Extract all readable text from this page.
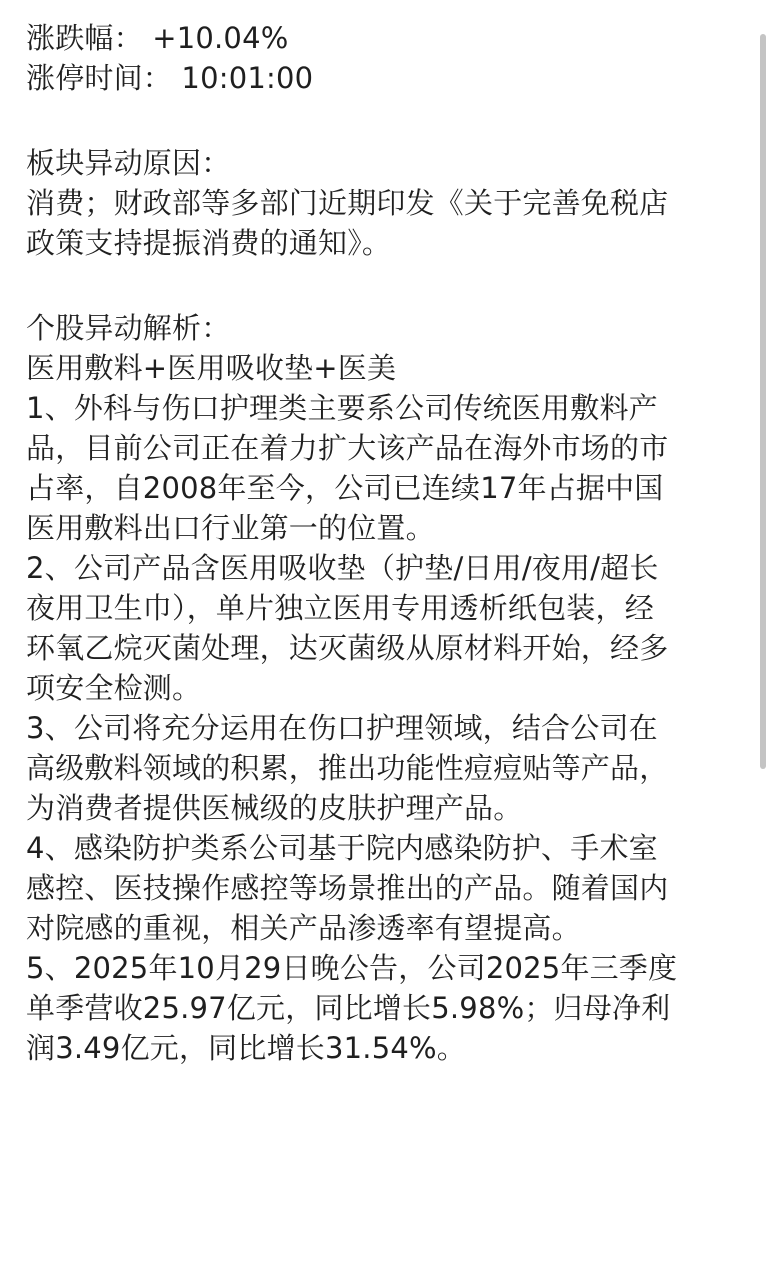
涨跌幅： +10.04%
涨停时间： 10:01:00
板块异动原因：
消费；财政部等多部门近期印发《关于完善免税店
政策支持提振消费的通知》。
个股异动解析：
医用敷料+医用吸收垫+医美
1、外科与伤口护理类主要系公司传统医用敷料产
品，目前公司正在着力扩大该产品在海外市场的市
占率，自2008年至今，公司已连续17年占据中国
医用敷料出口行业第一的位置。
2、公司产品含医用吸收垫（护垫/日用/夜用/超长
夜用卫生巾），单片独立医用专用透析纸包装，经
环氧乙烷灭菌处理，达灭菌级从原材料开始，经多
项安全检测。
3、公司将充分运用在伤口护理领域，结合公司在
高级敷料领域的积累，推出功能性痘痘贴等产品，
为消费者提供医械级的皮肤护理产品。
4、感染防护类系公司基于院内感染防护、手术室
感控、医技操作感控等场景推出的产品。随着国内
对院感的重视，相关产品渗透率有望提高。
5、2025年10月29日晚公告，公司2025年三季度
单季营收25.97亿元，同比增长5.98%；归母净利
润3.49亿元，同比增长31.54%。
